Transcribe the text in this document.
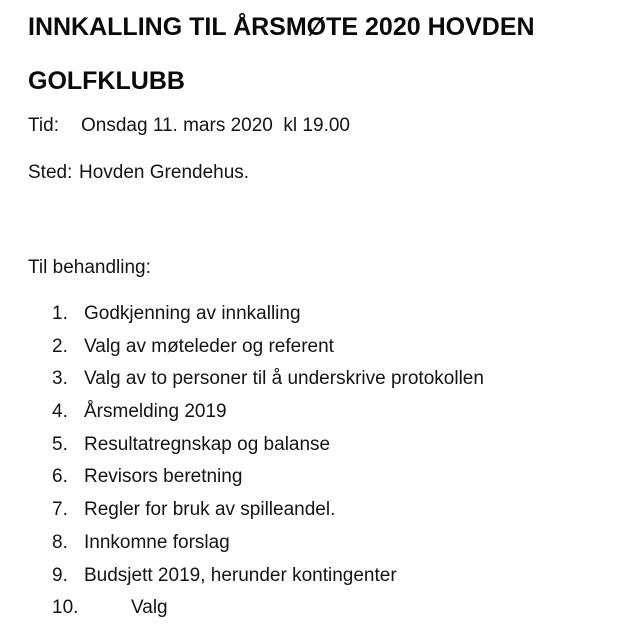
INNKALLING TIL ÅRSMØTE 2020 HOVDEN GOLFKLUBB
Tid: Onsdag 11. mars 2020  kl 19.00
Sted: Hovden Grendehus.
Til behandling:
1. Godkjenning av innkalling
2. Valg av møteleder og referent
3. Valg av to personer til å underskrive protokollen
4. Årsmelding 2019
5. Resultatregnskap og balanse
6. Revisors beretning
7. Regler for bruk av spilleandel.
8. Innkomne forslag
9. Budsjett 2019, herunder kontingenter
10.	Valg
